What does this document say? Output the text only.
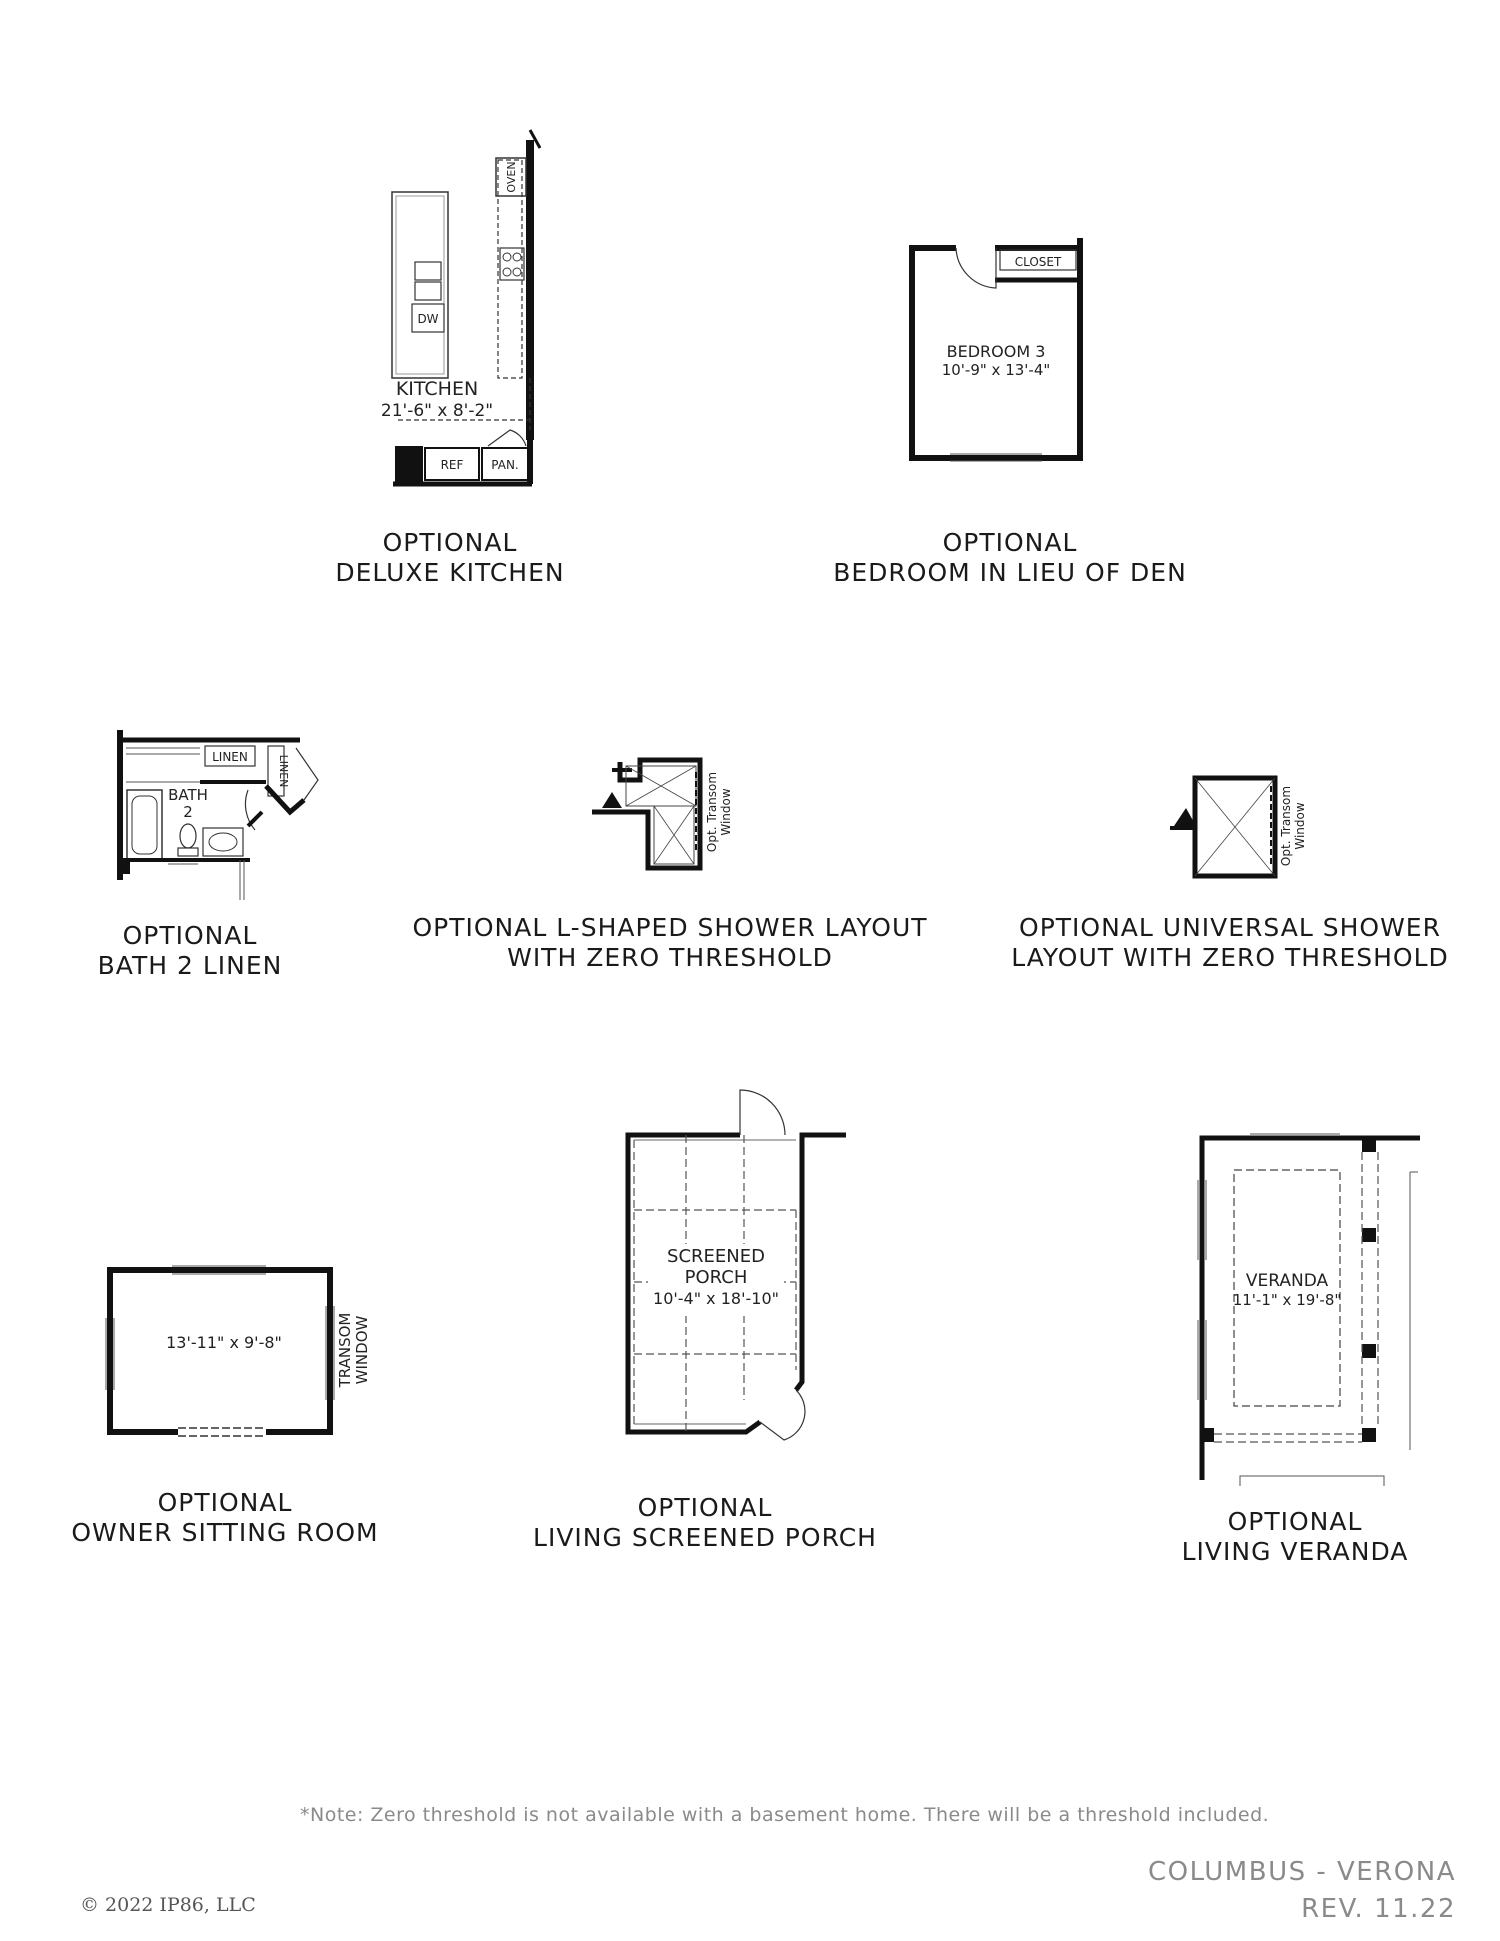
DW
OVEN
KITCHEN
21'-6" x 8'-2"
REF PAN.
CLOSET
BEDROOM 3
10'-9" x 13'-4"
LINEN	LINEN
BATH
2	Opt. Transom Window	Opt. Transom Window
13'-11" x 9'-8"	TRANSOM WINDOW
SCREENED
PORCH
10'-4" x 18'-10"
VERANDA
11'-1" x 19'-8"
OPTIONAL
DELUXE KITCHEN
OPTIONAL
BEDROOM IN LIEU OF DEN
OPTIONAL
BATH 2 LINEN
OPTIONAL L-SHAPED SHOWER LAYOUT
WITH ZERO THRESHOLD
OPTIONAL UNIVERSAL SHOWER
LAYOUT WITH ZERO THRESHOLD
OPTIONAL
OWNER SITTING ROOM
OPTIONAL
LIVING SCREENED PORCH
OPTIONAL
LIVING VERANDA
*Note: Zero threshold is not available with a basement home. There will be a threshold included.
© 2022 IP86, LLC
COLUMBUS - VERONA
REV. 11.22
